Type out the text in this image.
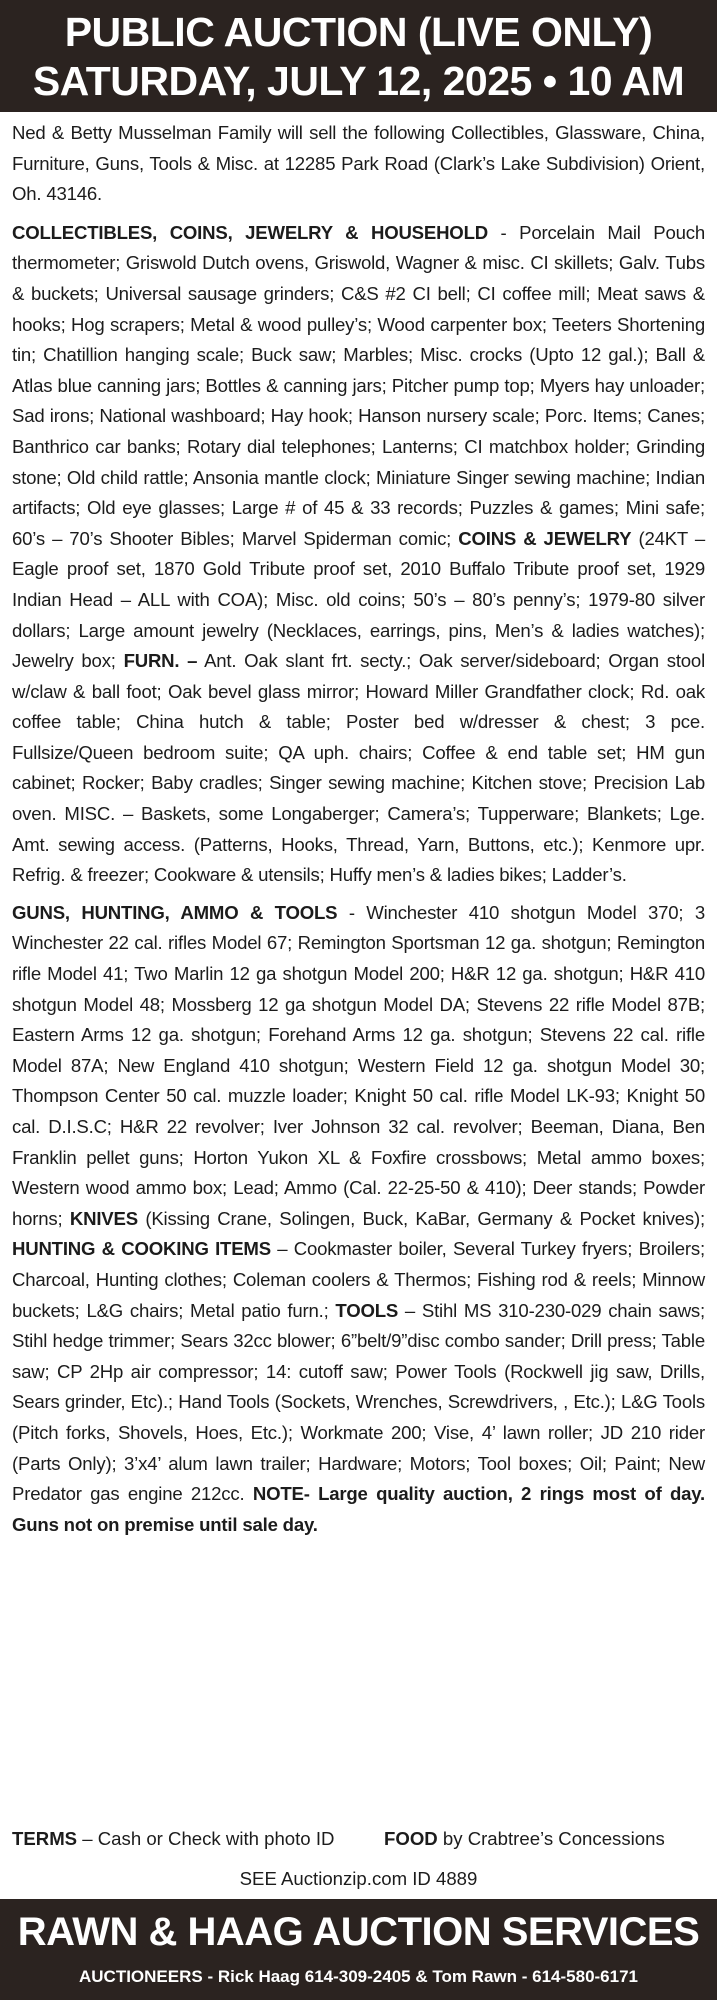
PUBLIC AUCTION (LIVE ONLY)
SATURDAY, JULY 12, 2025 • 10 AM

Ned & Betty Musselman Family will sell the following Collectibles, Glassware, China, Furniture, Guns, Tools & Misc. at 12285 Park Road (Clark’s Lake Subdivision) Orient, Oh. 43146.

COLLECTIBLES, COINS, JEWELRY & HOUSEHOLD - Porcelain Mail Pouch thermometer; Griswold Dutch ovens, Griswold, Wagner & misc. CI skillets; Galv. Tubs & buckets; Universal sausage grinders; C&S #2 CI bell; CI coffee mill; Meat saws & hooks; Hog scrapers; Metal & wood pulley’s; Wood carpenter box; Teeters Shortening tin; Chatillion hanging scale; Buck saw; Marbles; Misc. crocks (Upto 12 gal.); Ball & Atlas blue canning jars; Bottles & canning jars; Pitcher pump top; Myers hay unloader; Sad irons; National washboard; Hay hook; Hanson nursery scale; Porc. Items; Canes; Banthrico car banks; Rotary dial telephones; Lanterns; CI matchbox holder; Grinding stone; Old child rattle; Ansonia mantle clock; Miniature Singer sewing machine; Indian artifacts; Old eye glasses; Large # of 45 & 33 records; Puzzles & games; Mini safe; 60’s – 70’s Shooter Bibles; Marvel Spiderman comic; COINS & JEWELRY (24KT – Eagle proof set, 1870 Gold Tribute proof set, 2010 Buffalo Tribute proof set, 1929 Indian Head – ALL with COA); Misc. old coins; 50’s – 80’s penny’s; 1979-80 silver dollars; Large amount jewelry (Necklaces, earrings, pins, Men’s & ladies watches); Jewelry box; FURN. – Ant. Oak slant frt. secty.; Oak server/sideboard; Organ stool w/claw & ball foot; Oak bevel glass mirror; Howard Miller Grandfather clock; Rd. oak coffee table; China hutch & table; Poster bed w/dresser & chest; 3 pce. Fullsize/Queen bedroom suite; QA uph. chairs; Coffee & end table set; HM gun cabinet; Rocker; Baby cradles; Singer sewing machine; Kitchen stove; Precision Lab oven. MISC. – Baskets, some Longaberger; Camera’s; Tupperware; Blankets; Lge. Amt. sewing access. (Patterns, Hooks, Thread, Yarn, Buttons, etc.); Kenmore upr. Refrig. & freezer; Cookware & utensils; Huffy men’s & ladies bikes; Ladder’s.

GUNS, HUNTING, AMMO & TOOLS - Winchester 410 shotgun Model 370; 3 Winchester 22 cal. rifles Model 67; Remington Sportsman 12 ga. shotgun; Remington rifle Model 41; Two Marlin 12 ga shotgun Model 200; H&R 12 ga. shotgun; H&R 410 shotgun Model 48; Mossberg 12 ga shotgun Model DA; Stevens 22 rifle Model 87B; Eastern Arms 12 ga. shotgun; Forehand Arms 12 ga. shotgun; Stevens 22 cal. rifle Model 87A; New England 410 shotgun; Western Field 12 ga. shotgun Model 30; Thompson Center 50 cal. muzzle loader; Knight 50 cal. rifle Model LK-93; Knight 50 cal. D.I.S.C; H&R 22 revolver; Iver Johnson 32 cal. revolver; Beeman, Diana, Ben Franklin pellet guns; Horton Yukon XL & Foxfire crossbows; Metal ammo boxes; Western wood ammo box; Lead; Ammo (Cal. 22-25-50 & 410); Deer stands; Powder horns; KNIVES (Kissing Crane, Solingen, Buck, KaBar, Germany & Pocket knives); HUNTING & COOKING ITEMS – Cookmaster boiler, Several Turkey fryers; Broilers; Charcoal, Hunting clothes; Coleman coolers & Thermos; Fishing rod & reels; Minnow buckets; L&G chairs; Metal patio furn.; TOOLS – Stihl MS 310-230-029 chain saws; Stihl hedge trimmer; Sears 32cc blower; 6”belt/9”disc combo sander; Drill press; Table saw; CP 2Hp air compressor; 14: cutoff saw; Power Tools (Rockwell jig saw, Drills, Sears grinder, Etc).; Hand Tools (Sockets, Wrenches, Screwdrivers, , Etc.); L&G Tools (Pitch forks, Shovels, Hoes, Etc.); Workmate 200; Vise, 4’ lawn roller; JD 210 rider (Parts Only); 3’x4’ alum lawn trailer; Hardware; Motors; Tool boxes; Oil; Paint; New Predator gas engine 212cc. NOTE- Large quality auction, 2 rings most of day. Guns not on premise until sale day.

TERMS – Cash or Check with photo ID	FOOD by Crabtree’s Concessions
SEE Auctionzip.com ID 4889
RAWN & HAAG AUCTION SERVICES
AUCTIONEERS - Rick Haag 614-309-2405 & Tom Rawn - 614-580-6171
